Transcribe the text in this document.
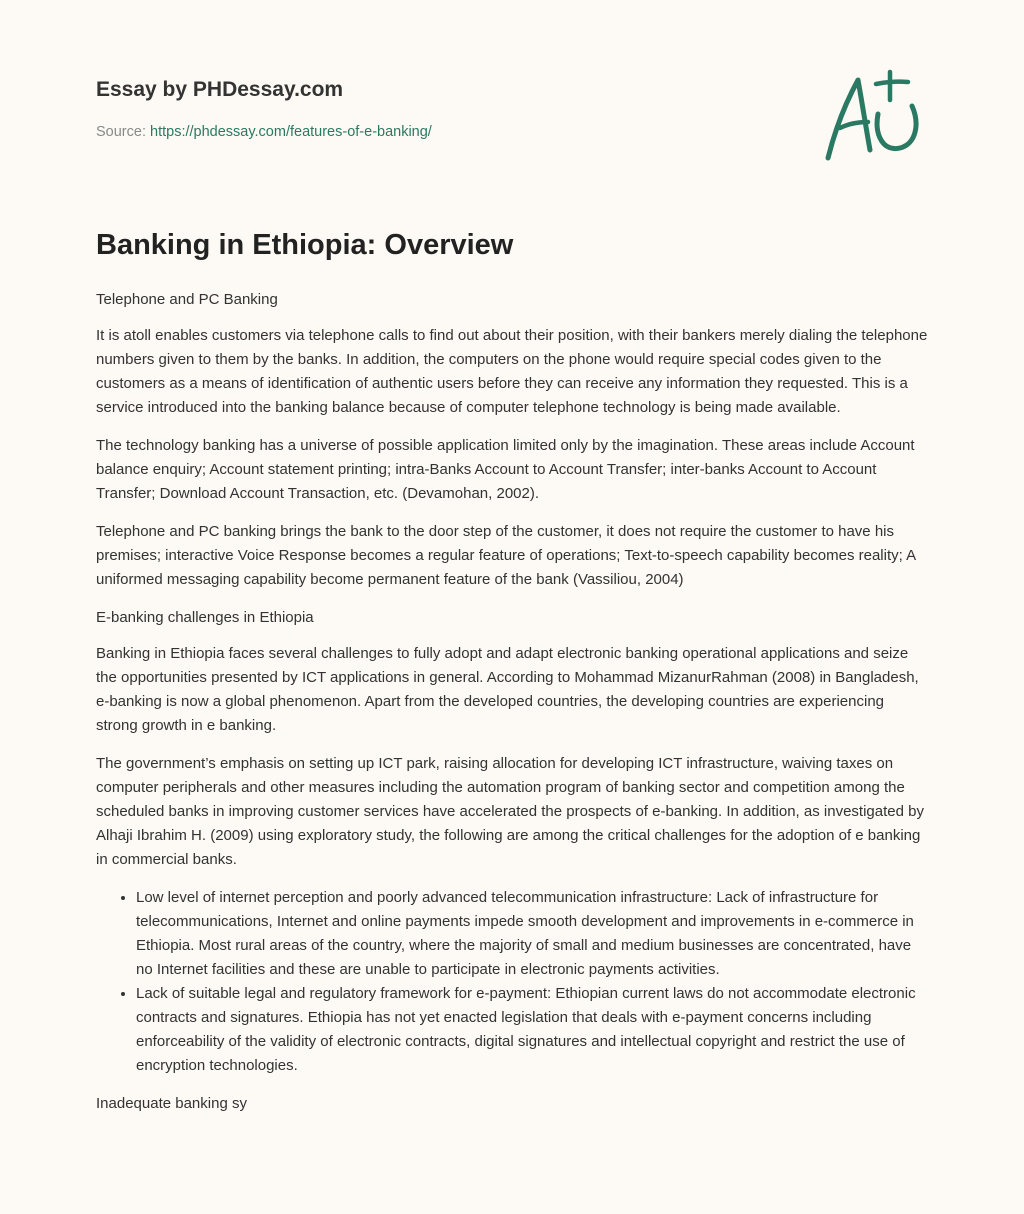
Essay by PHDessay.com
Source: https://phdessay.com/features-of-e-banking/
Banking in Ethiopia: Overview

Telephone and PC Banking

It is atoll enables customers via telephone calls to find out about their position, with their bankers merely dialing the telephone numbers given to them by the banks. In addition, the computers on the phone would require special codes given to the customers as a means of identification of authentic users before they can receive any information they requested. This is a service introduced into the banking balance because of computer telephone technology is being made available.

The technology banking has a universe of possible application limited only by the imagination. These areas include Account balance enquiry; Account statement printing; intra-Banks Account to Account Transfer; inter-banks Account to Account Transfer; Download Account Transaction, etc. (Devamohan, 2002).

Telephone and PC banking brings the bank to the door step of the customer, it does not require the customer to have his premises; interactive Voice Response becomes a regular feature of operations; Text-to-speech capability becomes reality; A uniformed messaging capability become permanent feature of the bank (Vassiliou, 2004)

E-banking challenges in Ethiopia

Banking in Ethiopia faces several challenges to fully adopt and adapt electronic banking operational applications and seize the opportunities presented by ICT applications in general. According to Mohammad MizanurRahman (2008) in Bangladesh, e-banking is now a global phenomenon. Apart from the developed countries, the developing countries are experiencing strong growth in e banking.

The government’s emphasis on setting up ICT park, raising allocation for developing ICT infrastructure, waiving taxes on computer peripherals and other measures including the automation program of banking sector and competition among the scheduled banks in improving customer services have accelerated the prospects of e-banking. In addition, as investigated by Alhaji Ibrahim H. (2009) using exploratory study, the following are among the critical challenges for the adoption of e banking in commercial banks.

• Low level of internet perception and poorly advanced telecommunication infrastructure: Lack of infrastructure for telecommunications, Internet and online payments impede smooth development and improvements in e-commerce in Ethiopia. Most rural areas of the country, where the majority of small and medium businesses are concentrated, have no Internet facilities and these are unable to participate in electronic payments activities.
• Lack of suitable legal and regulatory framework for e-payment: Ethiopian current laws do not accommodate electronic contracts and signatures. Ethiopia has not yet enacted legislation that deals with e-payment concerns including enforceability of the validity of electronic contracts, digital signatures and intellectual copyright and restrict the use of encryption technologies.

Inadequate banking sy
